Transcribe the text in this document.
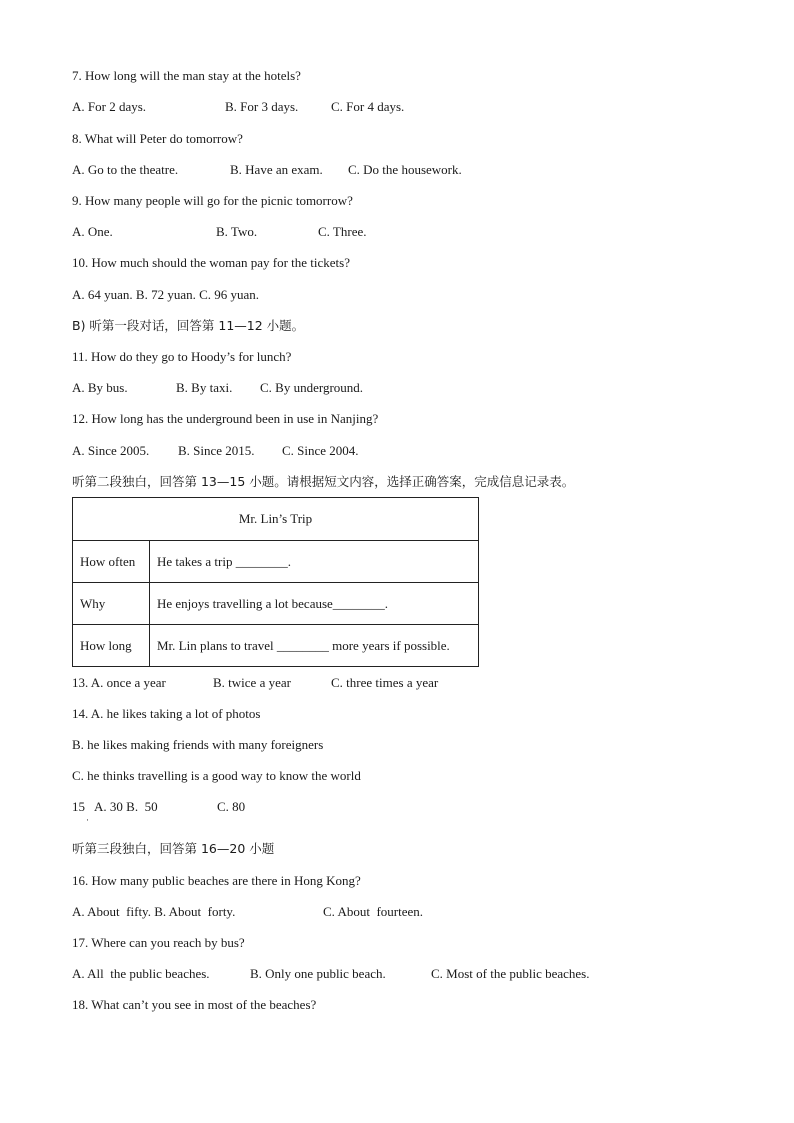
7. How long will the man stay at the hotels?
A. For 2 days.	B. For 3 days.	C. For 4 days.
8. What will Peter do tomorrow?
A. Go to the theatre.	B. Have an exam. C. Do the housework.
9. How many people will go for the picnic tomorrow?
A. One.	B. Two.	C. Three.
10. How much should the woman pay for the tickets?
A. 64 yuan. B. 72 yuan. C. 96 yuan.
B) 听第一段对话，回答第 11—12 小题。
11. How do they go to Hoody’s for lunch?
A. By bus.	B. By taxi. C. By underground.
12. How long has the underground been in use in Nanjing?
A. Since 2005. B. Since 2015. C. Since 2004.
听第二段独白，回答第 13—15 小题。请根据短文内容，选择正确答案，完成信息记录表。
Mr. Lin’s Trip	
How often	He takes a trip ________.
Why	He enjoys travelling a lot because________.
How long	Mr. Lin plans to travel ________ more years if possible.
13. A. once a year	B. twice a year	C. three times a year
14. A. he likes taking a lot of photos
B. he likes making friends with many foreigners
C. he thinks travelling is a good way to know the world
15   A. 30 B.  50	C. 80
·
听第三段独白，回答第 16—20 小题
16. How many public beaches are there in Hong Kong?
A. About  fifty. B. About  forty.	C. About  fourteen.
17. Where can you reach by bus?
A. All  the public beaches.	B. Only one public beach.	C. Most of the public beaches.
18. What can’t you see in most of the beaches?
